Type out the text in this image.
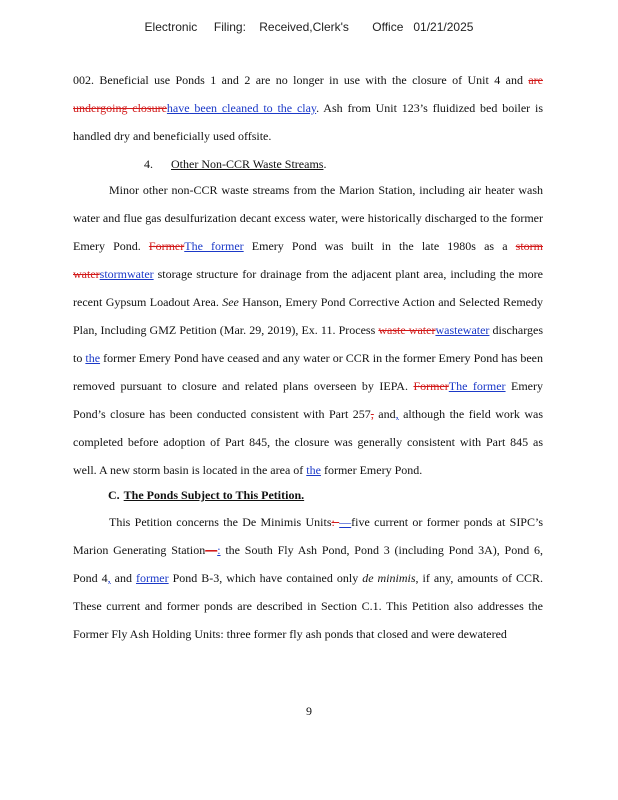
Electronic     Filing:    Received,Clerk's       Office   01/21/2025
002. Beneficial use Ponds 1 and 2 are no longer in use with the closure of Unit 4 and are undergoing closurehave been cleaned to the clay. Ash from Unit 123’s fluidized bed boiler is handled dry and beneficially used offsite.
4. Other Non-CCR Waste Streams.
Minor other non-CCR waste streams from the Marion Station, including air heater wash water and flue gas desulfurization decant excess water, were historically discharged to the former Emery Pond. FormerThe former Emery Pond was built in the late 1980s as a storm waterstormwater storage structure for drainage from the adjacent plant area, including the more recent Gypsum Loadout Area. See Hanson, Emery Pond Corrective Action and Selected Remedy Plan, Including GMZ Petition (Mar. 29, 2019), Ex. 11. Process waste waterwastewater discharges to the former Emery Pond have ceased and any water or CCR in the former Emery Pond has been removed pursuant to closure and related plans overseen by IEPA. FormerThe former Emery Pond’s closure has been conducted consistent with Part 257, and, although the field work was completed before adoption of Part 845, the closure was generally consistent with Part 845 as well. A new storm basin is located in the area of the former Emery Pond.
C. The Ponds Subject to This Petition.
This Petition concerns the De Minimis Units: —five current or former ponds at SIPC’s Marion Generating Station—: the South Fly Ash Pond, Pond 3 (including Pond 3A), Pond 6, Pond 4, and former Pond B-3, which have contained only de minimis, if any, amounts of CCR. These current and former ponds are described in Section C.1. This Petition also addresses the Former Fly Ash Holding Units: three former fly ash ponds that closed and were dewatered
9
